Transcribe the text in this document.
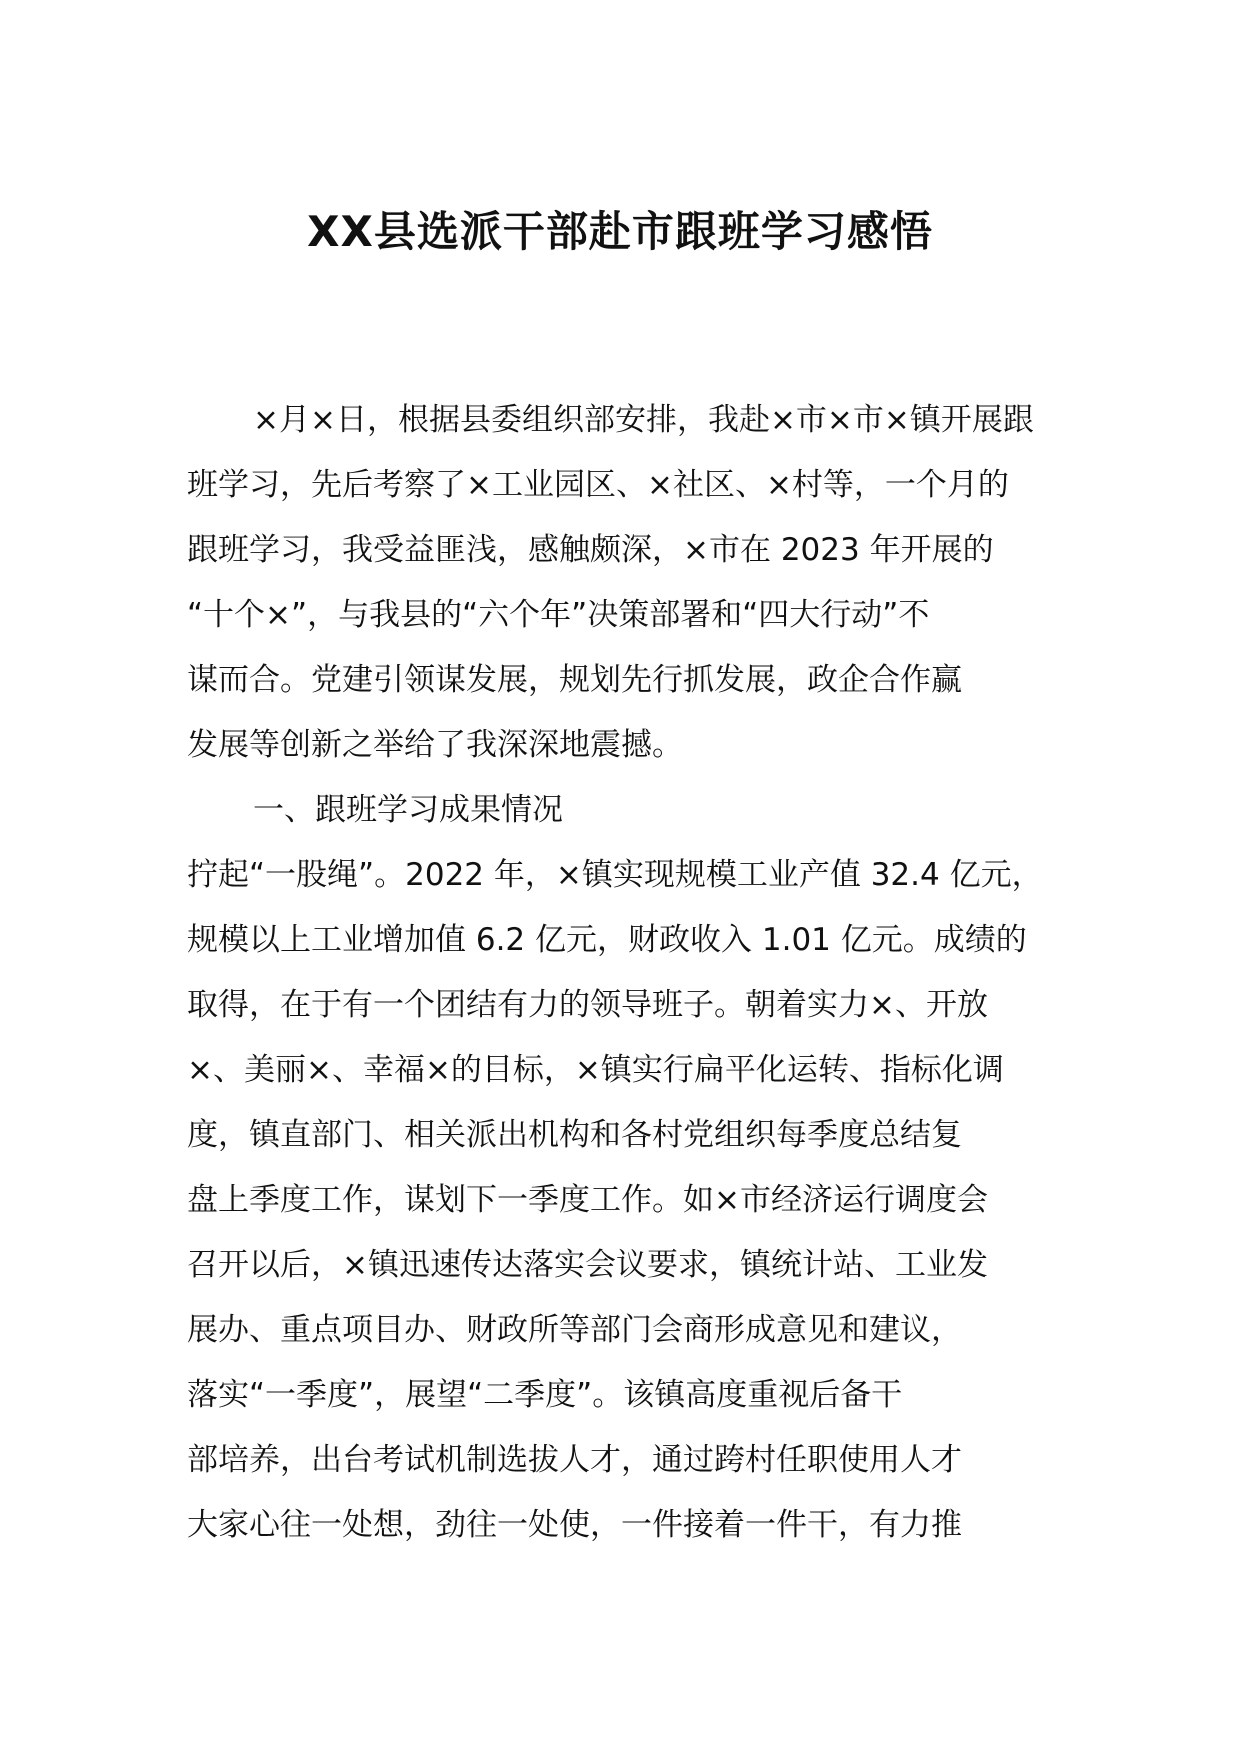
XX县选派干部赴市跟班学习感悟
×月×日，根据县委组织部安排，我赴×市×市×镇开展跟
班学习，先后考察了×工业园区、×社区、×村等，一个月的
跟班学习，我受益匪浅，感触颇深，×市在 2023 年开展的
“十个×”，与我县的“六个年”决策部署和“四大行动”不
谋而合。党建引领谋发展，规划先行抓发展，政企合作赢
发展等创新之举给了我深深地震撼。
一、跟班学习成果情况
拧起“一股绳”。2022 年，×镇实现规模工业产值 32.4 亿元，
规模以上工业增加值 6.2 亿元，财政收入 1.01 亿元。成绩的
取得，在于有一个团结有力的领导班子。朝着实力×、开放
×、美丽×、幸福×的目标，×镇实行扁平化运转、指标化调
度，镇直部门、相关派出机构和各村党组织每季度总结复
盘上季度工作，谋划下一季度工作。如×市经济运行调度会
召开以后，×镇迅速传达落实会议要求，镇统计站、工业发
展办、重点项目办、财政所等部门会商形成意见和建议，
落实“一季度”，展望“二季度”。该镇高度重视后备干
部培养，出台考试机制选拔人才，通过跨村任职使用人才
大家心往一处想，劲往一处使，一件接着一件干，有力推
